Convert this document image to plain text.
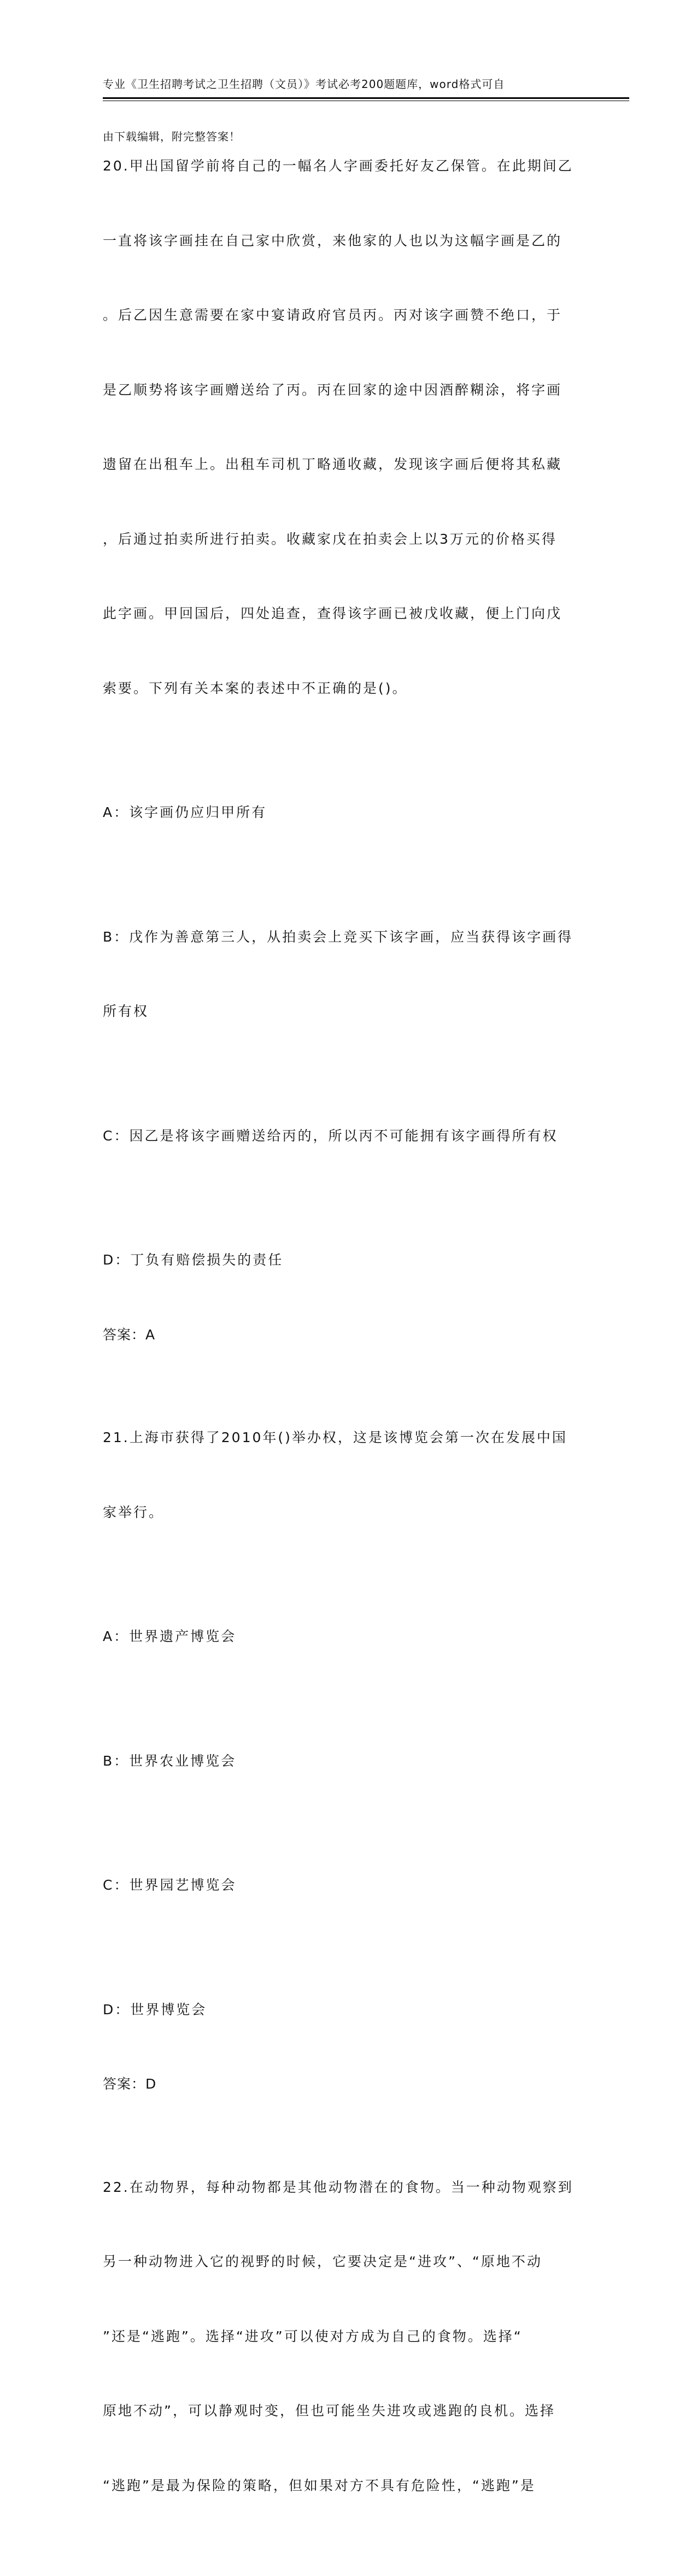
专业《卫生招聘考试之卫生招聘（文员）》考试必考200题题库，word格式可自

由下载编辑，附完整答案！

20.甲出国留学前将自己的一幅名人字画委托好友乙保管。在此期间乙

一直将该字画挂在自己家中欣赏，来他家的人也以为这幅字画是乙的

。后乙因生意需要在家中宴请政府官员丙。丙对该字画赞不绝口，于

是乙顺势将该字画赠送给了丙。丙在回家的途中因酒醉糊涂，将字画

遗留在出租车上。出租车司机丁略通收藏，发现该字画后便将其私藏

，后通过拍卖所进行拍卖。收藏家戊在拍卖会上以3万元的价格买得

此字画。甲回国后，四处追查，查得该字画已被戊收藏，便上门向戊

索要。下列有关本案的表述中不正确的是()。

A：该字画仍应归甲所有

B：戊作为善意第三人，从拍卖会上竞买下该字画，应当获得该字画得

所有权

C：因乙是将该字画赠送给丙的，所以丙不可能拥有该字画得所有权

D：丁负有赔偿损失的责任

答案：A

21.上海市获得了2010年()举办权，这是该博览会第一次在发展中国

家举行。

A：世界遗产博览会

B：世界农业博览会

C：世界园艺博览会

D：世界博览会

答案：D

22.在动物界，每种动物都是其他动物潜在的食物。当一种动物观察到

另一种动物进入它的视野的时候，它要决定是“进攻”、“原地不动

”还是“逃跑”。选择“进攻”可以使对方成为自己的食物。选择“

原地不动”，可以静观时变，但也可能坐失进攻或逃跑的良机。选择

“逃跑”是最为保险的策略，但如果对方不具有危险性，“逃跑”是
